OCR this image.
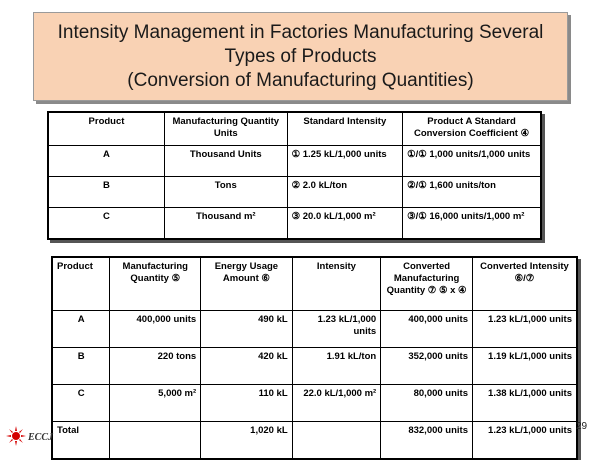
Intensity Management in Factories Manufacturing Several
Types of Products
(Conversion of Manufacturing Quantities)
Product	Manufacturing Quantity Units	Standard Intensity	Product A Standard Conversion Coefficient ④
A	Thousand Units	① 1.25 kL/1,000 units	①/① 1,000 units/1,000 units
B	Tons	② 2.0 kL/ton	②/① 1,600 units/ton
C	Thousand m²	③ 20.0 kL/1,000 m²	③/① 16,000 units/1,000 m²
Product	Manufacturing Quantity ⑤	Energy Usage Amount ⑥	Intensity	Converted Manufacturing Quantity ⑦ ⑤ x ④	Converted Intensity ⑥/⑦
A	400,000 units	490 kL	1.23 kL/1,000 units	400,000 units	1.23 kL/1,000 units
B	220 tons	420 kL	1.91 kL/ton	352,000 units	1.19 kL/1,000 units
C	5,000 m²	110 kL	22.0 kL/1,000 m²	80,000 units	1.38 kL/1,000 units
Total		1,020 kL		832,000 units	1.23 kL/1,000 units
ECCJ
29
